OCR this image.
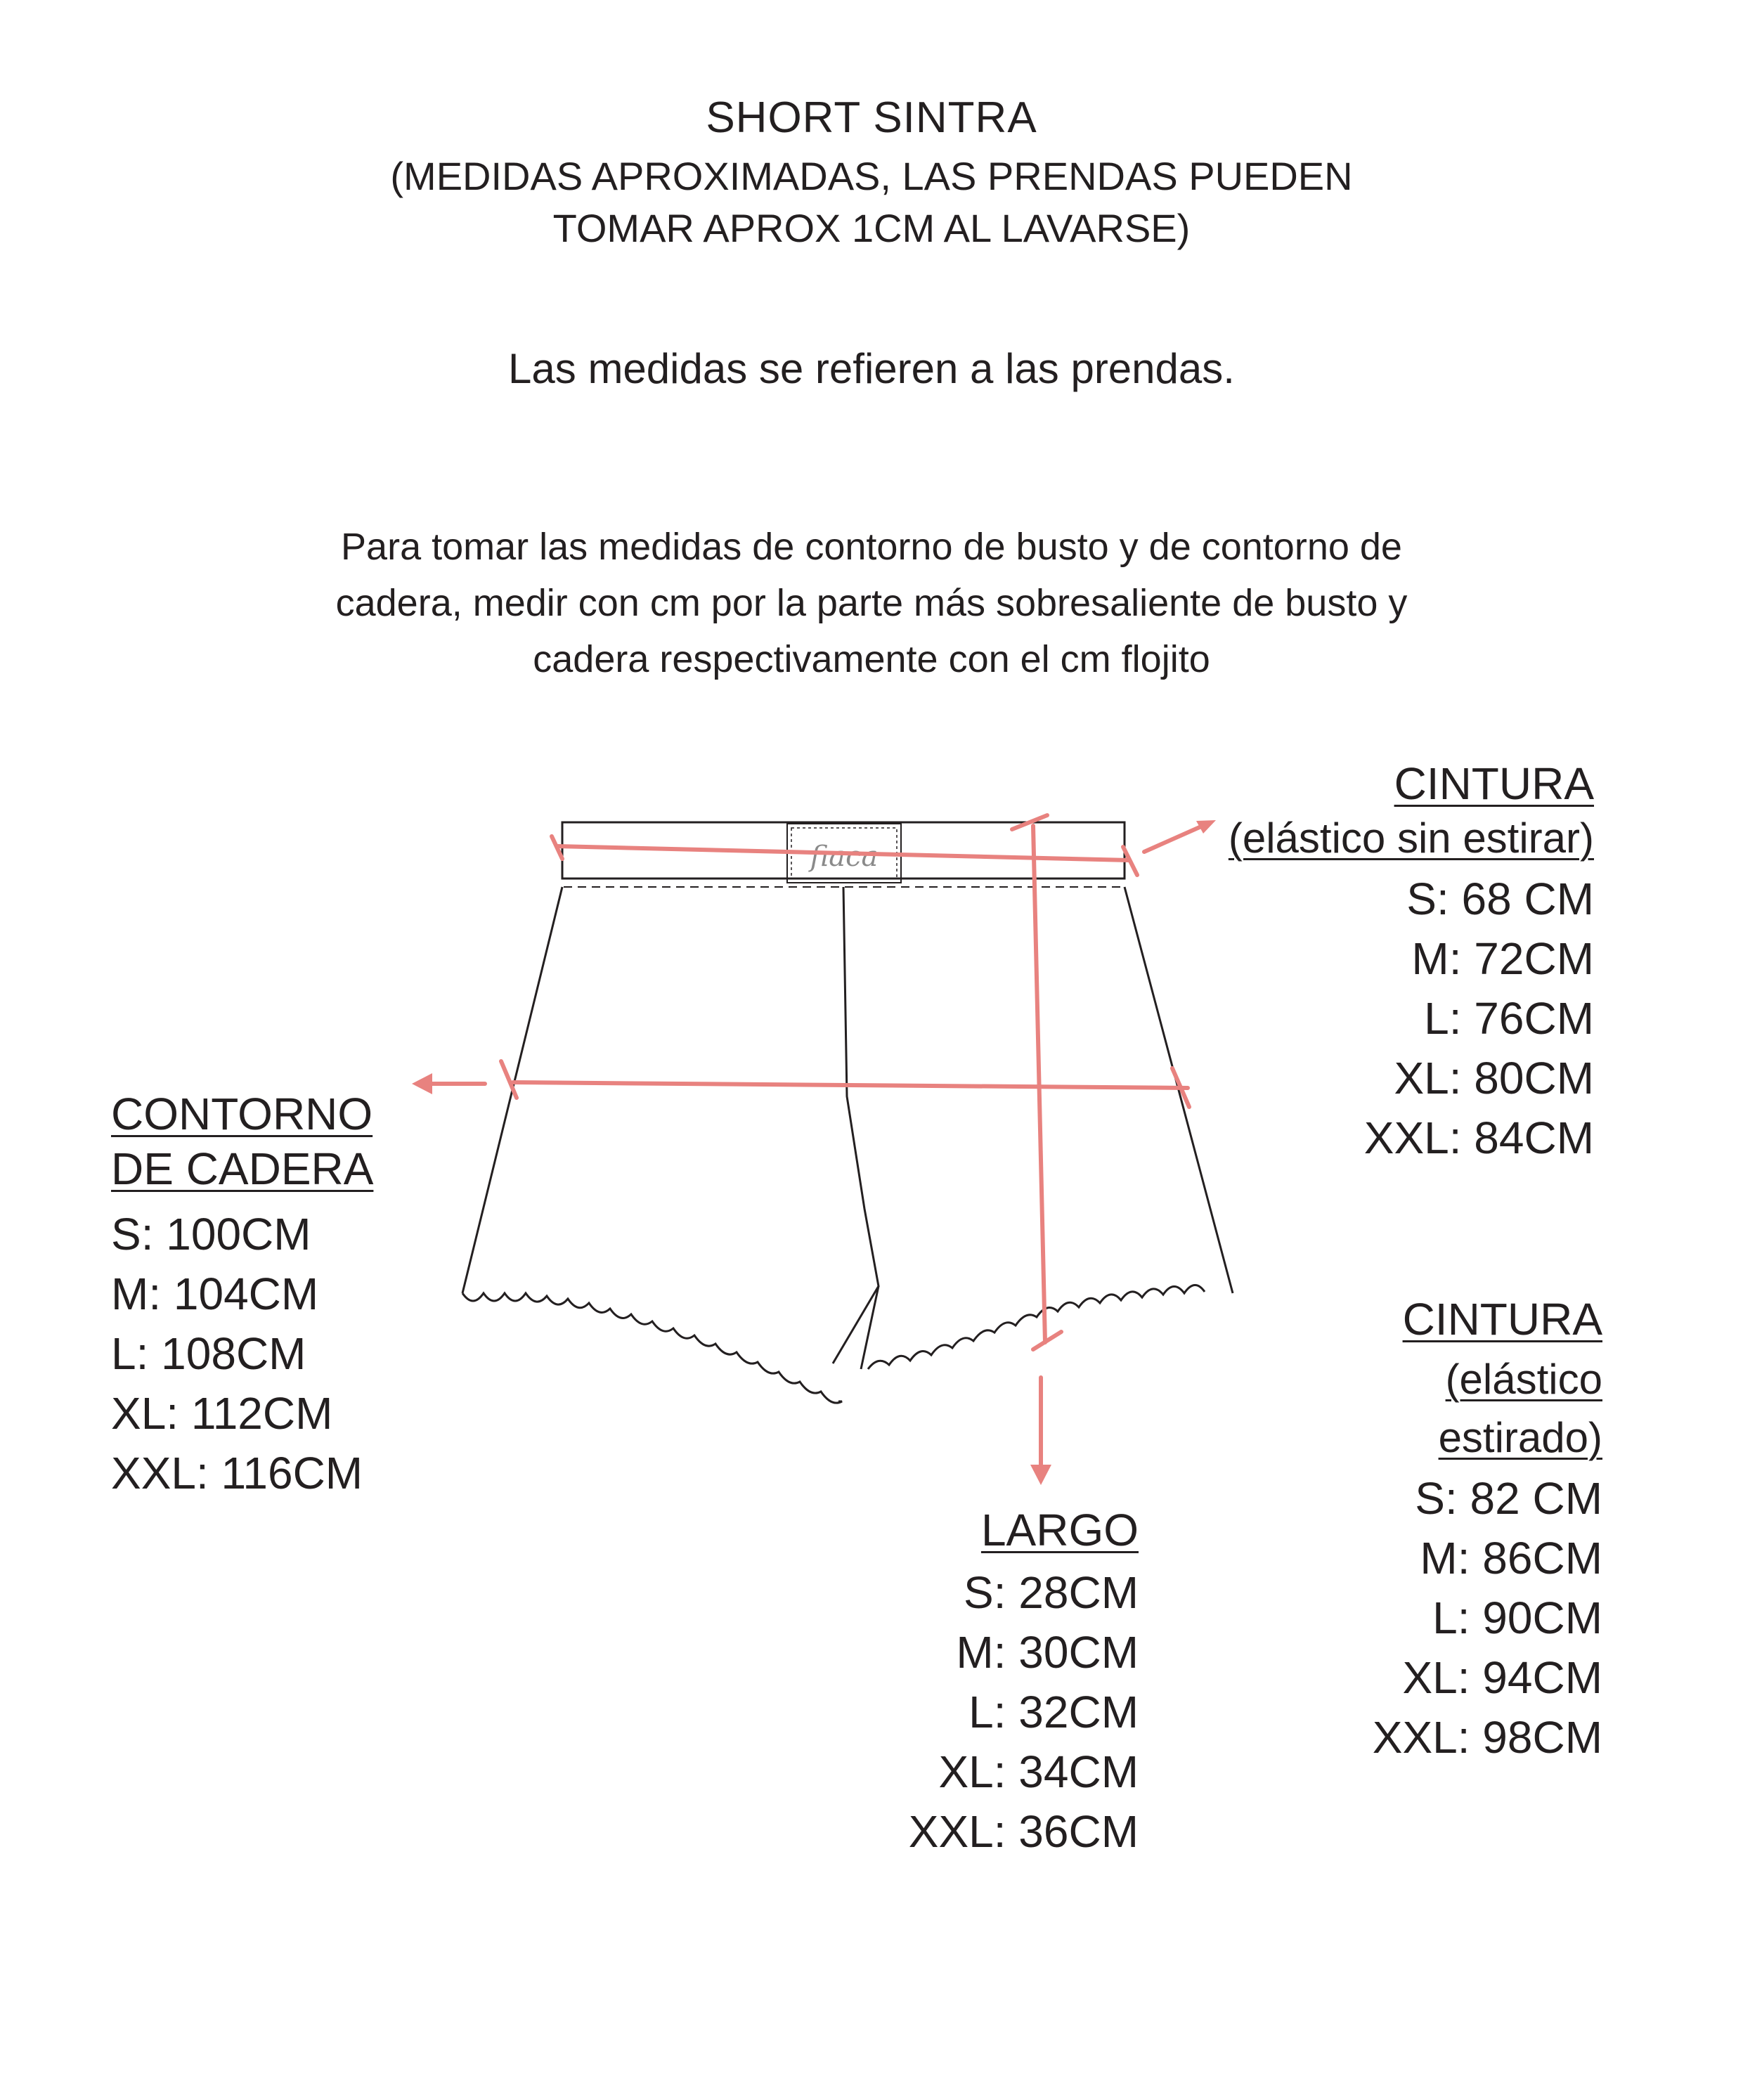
SHORT SINTRA
(MEDIDAS APROXIMADAS, LAS PRENDAS PUEDEN
TOMAR APROX 1CM AL LAVARSE)
Las medidas se refieren a las prendas.
Para tomar las medidas de contorno de busto y de contorno de
cadera, medir con cm por la parte más sobresaliente de busto y
cadera respectivamente con el cm flojito
fiaca
CINTURA
(elástico sin estirar)
S: 68 CM
M: 72CM
L: 76CM
XL: 80CM
XXL: 84CM
CONTORNO
DE CADERA
S: 100CM
M: 104CM
L: 108CM
XL: 112CM
XXL: 116CM
CINTURA
(elástico
estirado)
S: 82 CM
M: 86CM
L: 90CM
XL: 94CM
XXL: 98CM
LARGO
S: 28CM
M: 30CM
L: 32CM
XL: 34CM
XXL: 36CM
